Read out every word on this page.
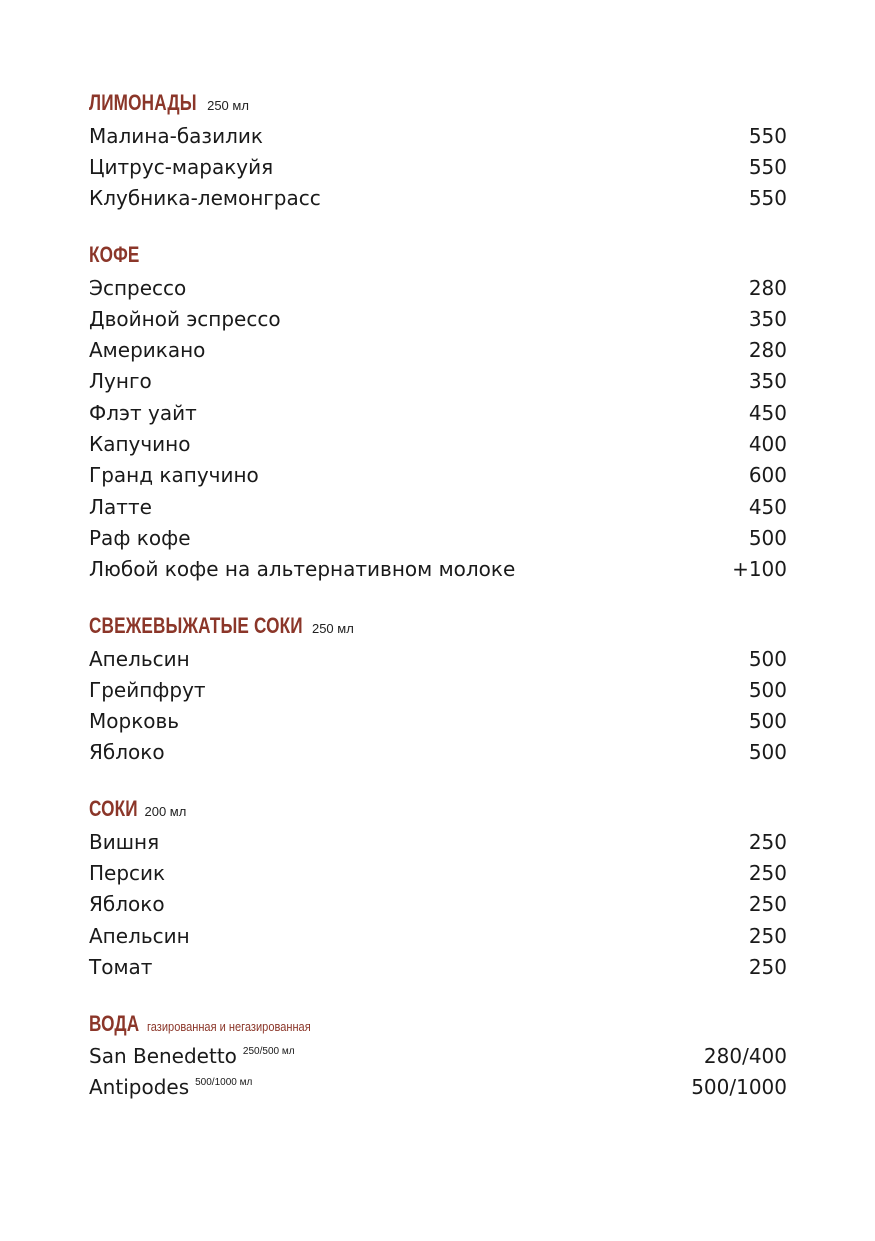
ЛИМОНАДЫ 250 мл
Малина-базилик	550
Цитрус-маракуйя	550
Клубника-лемонграсс	550
КОФЕ
Эспрессо	280
Двойной эспрессо	350
Американо	280
Лунго	350
Флэт уайт	450
Капучино	400
Гранд капучино	600
Латте	450
Раф кофе	500
Любой кофе на альтернативном молоке	+100
СВЕЖЕВЫЖАТЫЕ СОКИ 250 мл
Апельсин	500
Грейпфрут	500
Морковь	500
Яблоко	500
СОКИ 200 мл
Вишня	250
Персик	250
Яблоко	250
Апельсин	250
Томат	250
ВОДА газированная и негазированная
San Benedetto $^{250/500 мл}$	280/400
Antipodes $^{500/1000 мл}$	500/1000
